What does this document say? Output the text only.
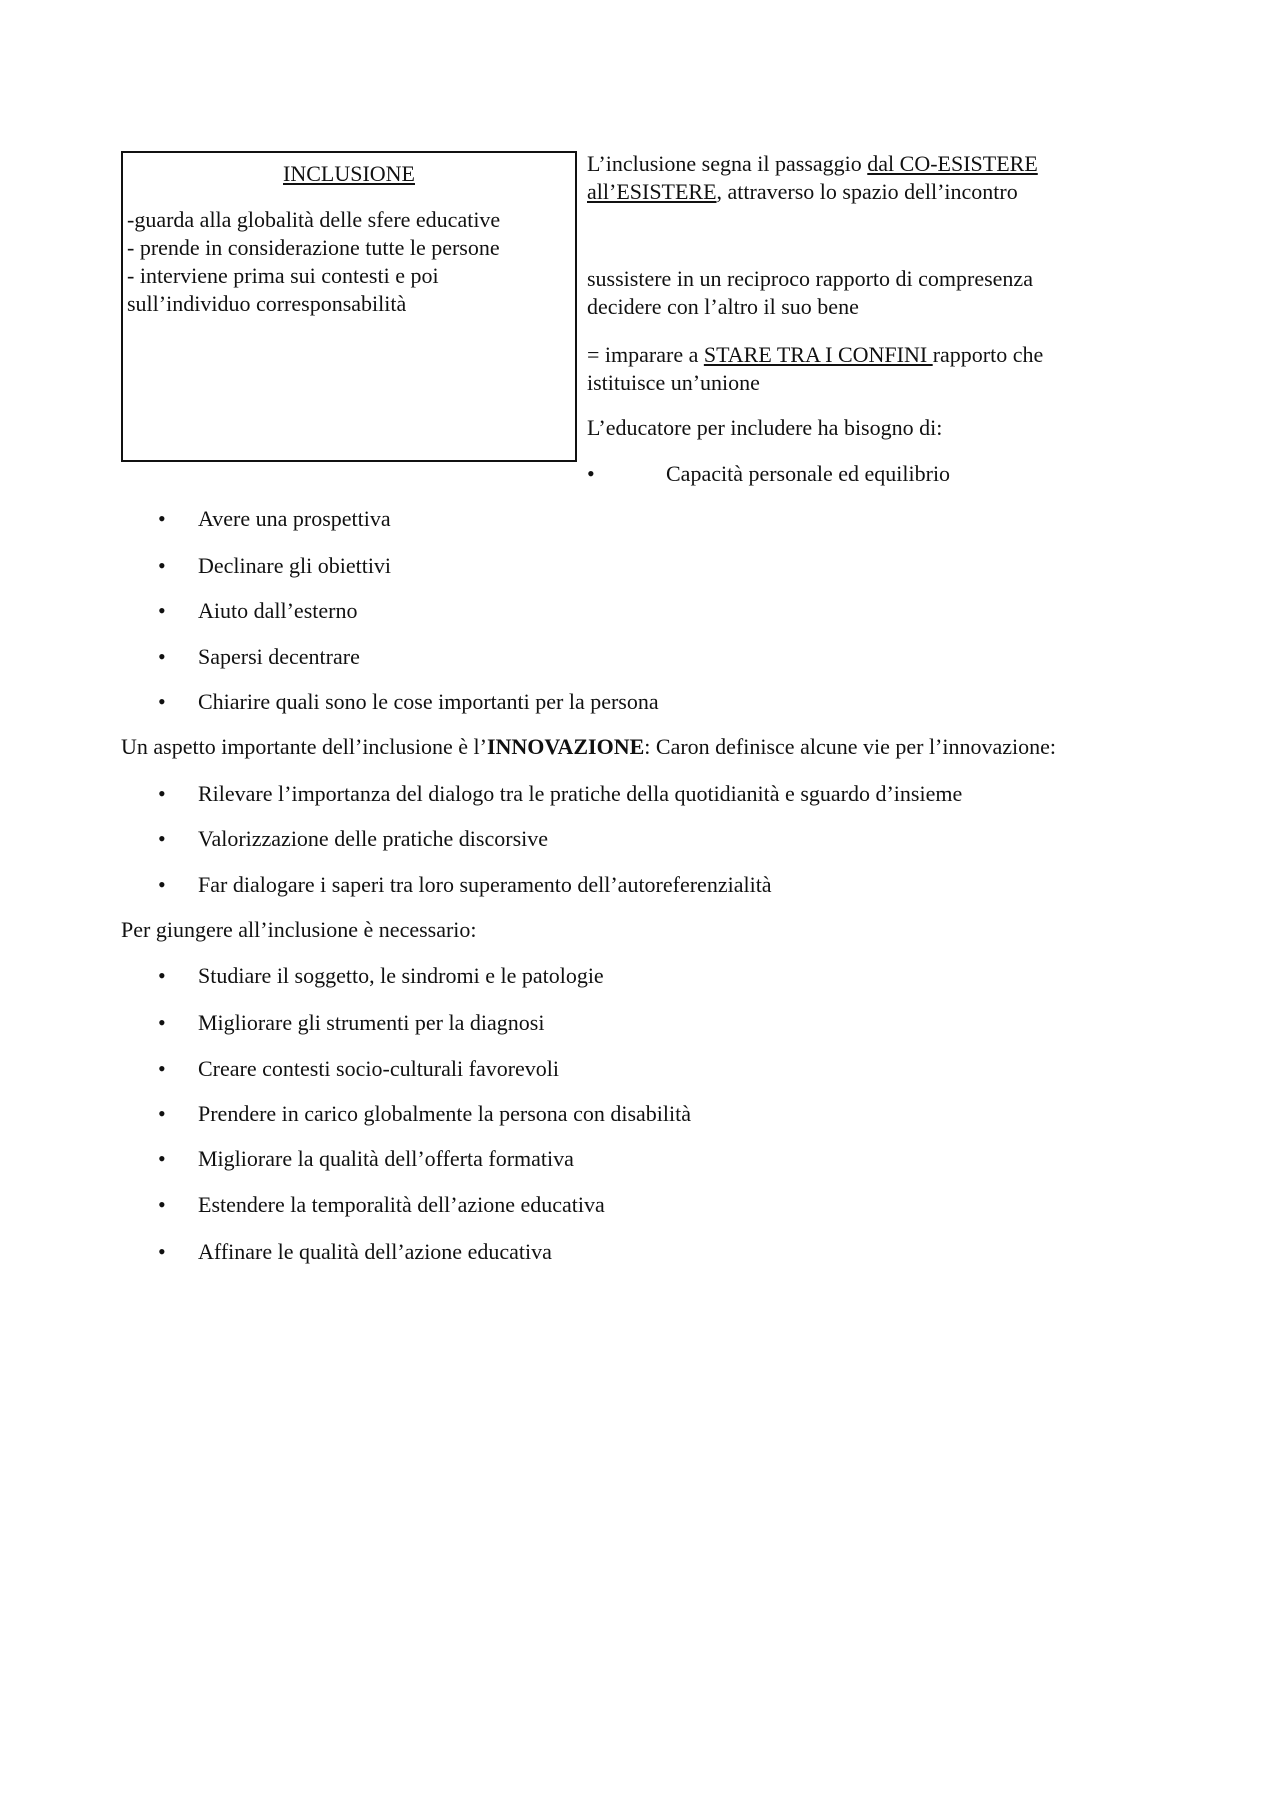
INCLUSIONE
-guarda alla globalità delle sfere educative
- prende in considerazione tutte le persone
- interviene prima sui contesti e poi
sull’individuo corresponsabilità
L’inclusione segna il passaggio dal CO-ESISTERE
all’ESISTERE, attraverso lo spazio dell’incontro
sussistere in un reciproco rapporto di compresenza
decidere con l’altro il suo bene
= imparare a STARE TRA I CONFINI rapporto che
istituisce un’unione
L’educatore per includere ha bisogno di:
•	Capacità personale ed equilibrio
• Avere una prospettiva
• Declinare gli obiettivi
• Aiuto dall’esterno
• Sapersi decentrare
• Chiarire quali sono le cose importanti per la persona
Un aspetto importante dell’inclusione è l’INNOVAZIONE: Caron definisce alcune vie per l’innovazione:
• Rilevare l’importanza del dialogo tra le pratiche della quotidianità e sguardo d’insieme
• Valorizzazione delle pratiche discorsive
• Far dialogare i saperi tra loro superamento dell’autoreferenzialità
Per giungere all’inclusione è necessario:
• Studiare il soggetto, le sindromi e le patologie
• Migliorare gli strumenti per la diagnosi
• Creare contesti socio-culturali favorevoli
• Prendere in carico globalmente la persona con disabilità
• Migliorare la qualità dell’offerta formativa
• Estendere la temporalità dell’azione educativa
• Affinare le qualità dell’azione educativa
